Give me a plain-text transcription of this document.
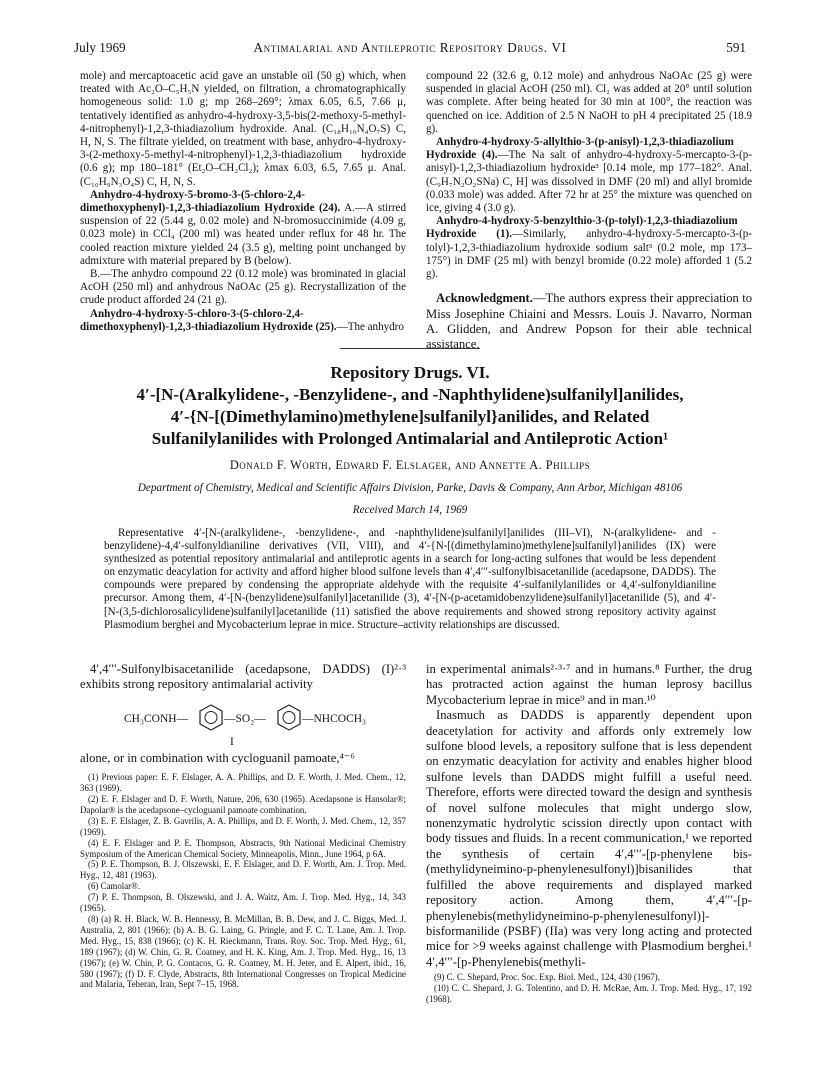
July 1969	Antimalarial and Antileprotic Repository Drugs. VI	591

mole) and mercaptoacetic acid gave an unstable oil (50 g) which, when treated with Ac₂O–C₅H₅N yielded, on filtration, a chromatographically homogeneous solid: 1.0 g; mp 268–269°; λmax 6.05, 6.5, 7.66 μ, tentatively identified as anhydro-4-hydroxy-3,5-bis(2-methoxy-5-methyl-4-nitrophenyl)-1,2,3-thiadiazolium hydroxide. Anal. (C₁₈H₁₆N₄O₇S) C, H, N, S. The filtrate yielded, on treatment with base, anhydro-4-hydroxy-3-(2-methoxy-5-methyl-4-nitrophenyl)-1,2,3-thiadiazolium hydroxide (0.6 g); mp 180–181° (Et₂O–CH₂Cl₂); λmax 6.03, 6.5, 7.65 μ. Anal. (C₁₀H₉N₃O₄S) C, H, N, S.

Anhydro-4-hydroxy-5-bromo-3-(5-chloro-2,4-dimethoxyphenyl)-1,2,3-thiadiazolium Hydroxide (24). A.—A stirred suspension of 22 (5.44 g, 0.02 mole) and N-bromosuccinimide (4.09 g, 0.023 mole) in CCl₄ (200 ml) was heated under reflux for 48 hr. The cooled reaction mixture yielded 24 (3.5 g), melting point unchanged by admixture with material prepared by B (below).

B.—The anhydro compound 22 (0.12 mole) was brominated in glacial AcOH (250 ml) and anhydrous NaOAc (25 g). Recrystallization of the crude product afforded 24 (21 g).

Anhydro-4-hydroxy-5-chloro-3-(5-chloro-2,4-dimethoxyphenyl)-1,2,3-thiadiazolium Hydroxide (25).—The anhydro

compound 22 (32.6 g, 0.12 mole) and anhydrous NaOAc (25 g) were suspended in glacial AcOH (250 ml). Cl₂ was added at 20° until solution was complete. After being heated for 30 min at 100°, the reaction was quenched on ice. Addition of 2.5 N NaOH to pH 4 precipitated 25 (18.9 g).

Anhydro-4-hydroxy-5-allylthio-3-(p-anisyl)-1,2,3-thiadiazolium Hydroxide (4).—The Na salt of anhydro-4-hydroxy-5-mercapto-3-(p-anisyl)-1,2,3-thiadiazolium hydroxide³ [0.14 mole, mp 177–182°. Anal. (C₉H₇N₂O₂SNa) C, H] was dissolved in DMF (20 ml) and allyl bromide (0.033 mole) was added. After 72 hr at 25° the mixture was quenched on ice, giving 4 (3.0 g).

Anhydro-4-hydroxy-5-benzylthio-3-(p-tolyl)-1,2,3-thiadiazolium Hydroxide (1).—Similarly, anhydro-4-hydroxy-5-mercapto-3-(p-tolyl)-1,2,3-thiadiazolium hydroxide sodium salt³ (0.2 mole, mp 173–175°) in DMF (25 ml) with benzyl bromide (0.22 mole) afforded 1 (5.2 g).

Acknowledgment.—The authors express their appreciation to Miss Josephine Chiaini and Messrs. Louis J. Navarro, Norman A. Glidden, and Andrew Popson for their able technical assistance.

Repository Drugs. VI.
4′-[N-(Aralkylidene-, -Benzylidene-, and -Naphthylidene)sulfanilyl]anilides,
4′-{N-[(Dimethylamino)methylene]sulfanilyl}anilides, and Related
Sulfanilylanilides with Prolonged Antimalarial and Antileprotic Action¹
Donald F. Worth, Edward F. Elslager, and Annette A. Phillips
Department of Chemistry, Medical and Scientific Affairs Division, Parke, Davis & Company, Ann Arbor, Michigan 48106
Received March 14, 1969
Representative 4′-[N-(aralkylidene-, -benzylidene-, and -naphthylidene)sulfanilyl]anilides (III–VI), N-(aralkylidene- and -benzylidene)-4,4′-sulfonyldianiline derivatives (VII, VIII), and 4′-{N-[(dimethylamino)methylene]sulfanilyl}anilides (IX) were synthesized as potential repository antimalarial and antileprotic agents in a search for long-acting sulfones that would be less dependent on enzymatic deacylation for activity and afford higher blood sulfone levels than 4′,4′′′-sulfonylbisacetanilide (acedapsone, DADDS). The compounds were prepared by condensing the appropriate aldehyde with the requisite 4′-sulfanilylanilides or 4,4′-sulfonyldianiline precursor. Among them, 4′-[N-(benzylidene)sulfanilyl]acetanilide (3), 4′-[N-(p-acetamidobenzylidene)sulfanilyl]acetanilide (5), and 4′-[N-(3,5-dichlorosalicylidene)sulfanilyl]acetanilide (11) satisfied the above requirements and showed strong repository activity against Plasmodium berghei and Mycobacterium leprae in mice. Structure–activity relationships are discussed.

4′,4′′′-Sulfonylbisacetanilide (acedapsone, DADDS) (I)²·³ exhibits strong repository antimalarial activity

CH₃CONH—	—SO₂—	—NHCOCH₃
I

alone, or in combination with cycloguanil pamoate,⁴⁻⁶

(1) Previous paper: E. F. Elslager, A. A. Phillips, and D. F. Worth, J. Med. Chem., 12, 363 (1969).

(2) E. F. Elslager and D. F. Worth, Nature, 206, 630 (1965). Acedapsone is Hansolar®; Dapolar® is the acedapsone–cycloguanil pamoate combination.

(3) E. F. Elslager, Z. B. Gavrilis, A. A. Phillips, and D. F. Worth, J. Med. Chem., 12, 357 (1969).

(4) E. F. Elslager and P. E. Thompson, Abstracts, 9th National Medicinal Chemistry Symposium of the American Chemical Society, Minneapolis, Minn., June 1964, p 6A.

(5) P. E. Thompson, B. J. Olszewski, E. F. Elslager, and D. F. Worth, Am. J. Trop. Med. Hyg., 12, 481 (1963).

(6) Camolar®.

(7) P. E. Thompson, B. Olszewski, and J. A. Waitz, Am. J. Trop. Med. Hyg., 14, 343 (1965).

(8) (a) R. H. Black, W. B. Hennessy, B. McMillan, B. B. Dew, and J. C. Biggs, Med. J. Australia, 2, 801 (1966); (b) A. B. G. Laing, G. Pringle, and F. C. T. Lane, Am. J. Trop. Med. Hyg., 15, 838 (1966); (c) K. H. Rieckmann, Trans. Roy. Soc. Trop. Med. Hyg., 61, 189 (1967); (d) W. Chin, G. R. Coatney, and H. K. King, Am. J. Trop. Med. Hyg., 16, 13 (1967); (e) W. Chin, P. G. Contacos, G. R. Coatney, M. H. Jeter, and E. Alpert, ibid., 16, 580 (1967); (f) D. F. Clyde, Abstracts, 8th International Congresses on Tropical Medicine and Malaria, Teheran, Iran, Sept 7–15, 1968.

in experimental animals²·³·⁷ and in humans.⁸ Further, the drug has protracted action against the human leprosy bacillus Mycobacterium leprae in mice⁹ and in man.¹⁰

Inasmuch as DADDS is apparently dependent upon deacetylation for activity and affords only extremely low sulfone blood levels, a repository sulfone that is less dependent on enzymatic deacylation for activity and enables higher blood sulfone levels than DADDS might fulfill a useful need. Therefore, efforts were directed toward the design and synthesis of novel sulfone molecules that might undergo slow, nonenzymatic hydrolytic scission directly upon contact with body tissues and fluids. In a recent communication,¹ we reported the synthesis of certain 4′,4′′′-[p-phenylene bis-(methylidyneimino-p-phenylenesulfonyl)]bisanilides that fulfilled the above requirements and displayed marked repository action. Among them, 4′,4′′′-[p-phenylenebis(methylidyneimino-p-phenylenesulfonyl)]-bisformanilide (PSBF) (IIa) was very long acting and protected mice for >9 weeks against challenge with Plasmodium berghei.¹ 4′,4′′′-[p-Phenylenebis(methyli-

(9) C. C. Shepard, Proc. Soc. Exp. Biol. Med., 124, 430 (1967).

(10) C. C. Shepard, J. G. Tolentino, and D. H. McRae, Am. J. Trop. Med. Hyg., 17, 192 (1968).
